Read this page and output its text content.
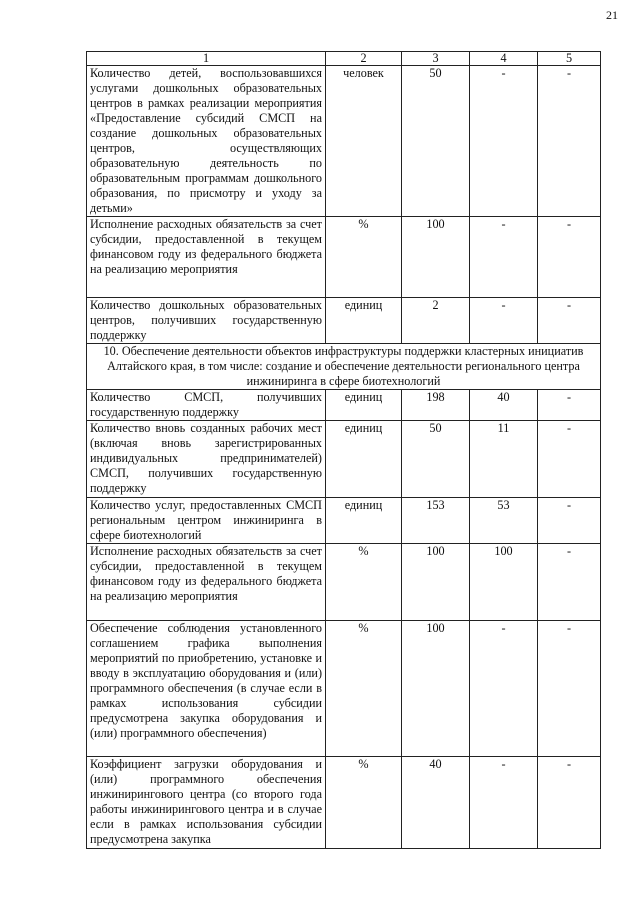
21
1	2	3	4	5
Количество детей, воспользовавшихся услугами дошкольных образовательных центров в рамках реализации мероприятия «Предоставление субсидий СМСП на создание дошкольных образовательных центров, осуществляющих образовательную деятельность по образовательным программам дошкольного образования, по присмотру и уходу за детьми»	человек	50	-	-
Исполнение расходных обязательств за счет субсидии, предоставленной в текущем финансовом году из федерального бюджета на реализацию мероприятия	%	100	-	-
Количество дошкольных образовательных центров, получивших государственную поддержку	единиц	2	-	-
10. Обеспечение деятельности объектов инфраструктуры поддержки кластерных инициатив Алтайского края, в том числе: создание и обеспечение деятельности регионального центра инжиниринга в сфере биотехнологий				
Количество СМСП, получивших государственную поддержку	единиц	198	40	-
Количество вновь созданных рабочих мест (включая вновь зарегистрированных индивидуальных предпринимателей) СМСП, получивших государственную поддержку	единиц	50	11	-
Количество услуг, предоставленных СМСП региональным центром инжиниринга в сфере биотехнологий	единиц	153	53	-
Исполнение расходных обязательств за счет субсидии, предоставленной в текущем финансовом году из федерального бюджета на реализацию мероприятия	%	100	100	-
Обеспечение соблюдения установленного соглашением графика выполнения мероприятий по приобретению, установке и вводу в эксплуатацию оборудования и (или) программного обеспечения (в случае если в рамках использования субсидии предусмотрена закупка оборудования и (или) программного обеспечения)	%	100	-	-
Коэффициент загрузки оборудования и (или) программного обеспечения инжинирингового центра (со второго года работы инжинирингового центра и в случае если в рамках использования субсидии предусмотрена закупка	%	40	-	-
